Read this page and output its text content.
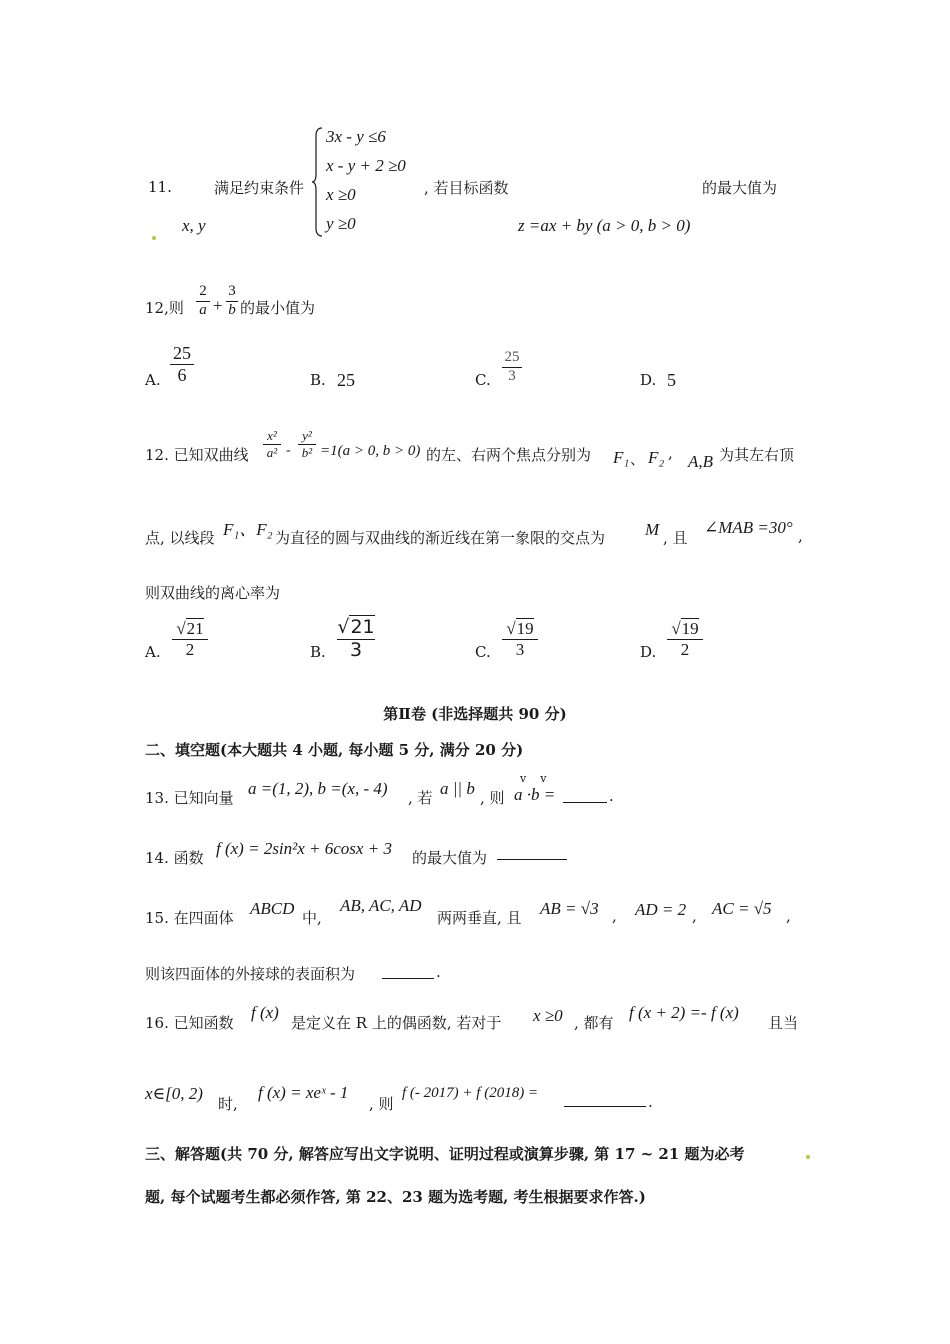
11.	满足约束条件
x, y
3x - y ≤6
x - y + 2 ≥0
x ≥0
y ≥0
, 若目标函数
z =ax + by (a > 0, b > 0)
的最大值为
12,则
2
a +
3
b 的最小值为
A.
25
6	B. 25	C.
25
3	D. 5
12. 已知双曲线
x²
a² -
y²
b² =1(a > 0, b > 0) 的左、右两个焦点分别为 F₁ 、 F₂ , A,B 为其左右顶
点, 以线段 F₁、F₂ 为直径的圆与双曲线的渐近线在第一象限的交点为 M , 且
∠MAB =30° ,
则双曲线的离心率为
A.
√21
2	B.
√21
3	C.
√19
3	D.
√19
2
第Ⅱ卷 (非选择题共 90 分)
二、填空题(本大题共 4 小题, 每小题 5 分, 满分 20 分)
13. 已知向量 a =(1, 2), b =(x, - 4) , 若 a || b , 则 a ·b =
v    v
.
14. 函数 f (x) = 2sin²x + 6cosx + 3 的最大值为
15. 在四面体 ABCD 中,
AB, AC, AD
两两垂直, 且 AB = √3 , AD = 2 , AC = √5 ,
则该四面体的外接球的表面积为	.
16. 已知函数
f (x)
是定义在 R 上的偶函数, 若对于 x ≥0 , 都有
f (x + 2) =- f (x)
且当
x∈[0, 2)
时,
f (x) = xeˣ - 1
, 则
f (- 2017) + f (2018) =	.
三、解答题(共 70 分, 解答应写出文字说明、证明过程或演算步骤, 第 17 ~ 21 题为必考
题, 每个试题考生都必须作答, 第 22、23 题为选考题, 考生根据要求作答.)
